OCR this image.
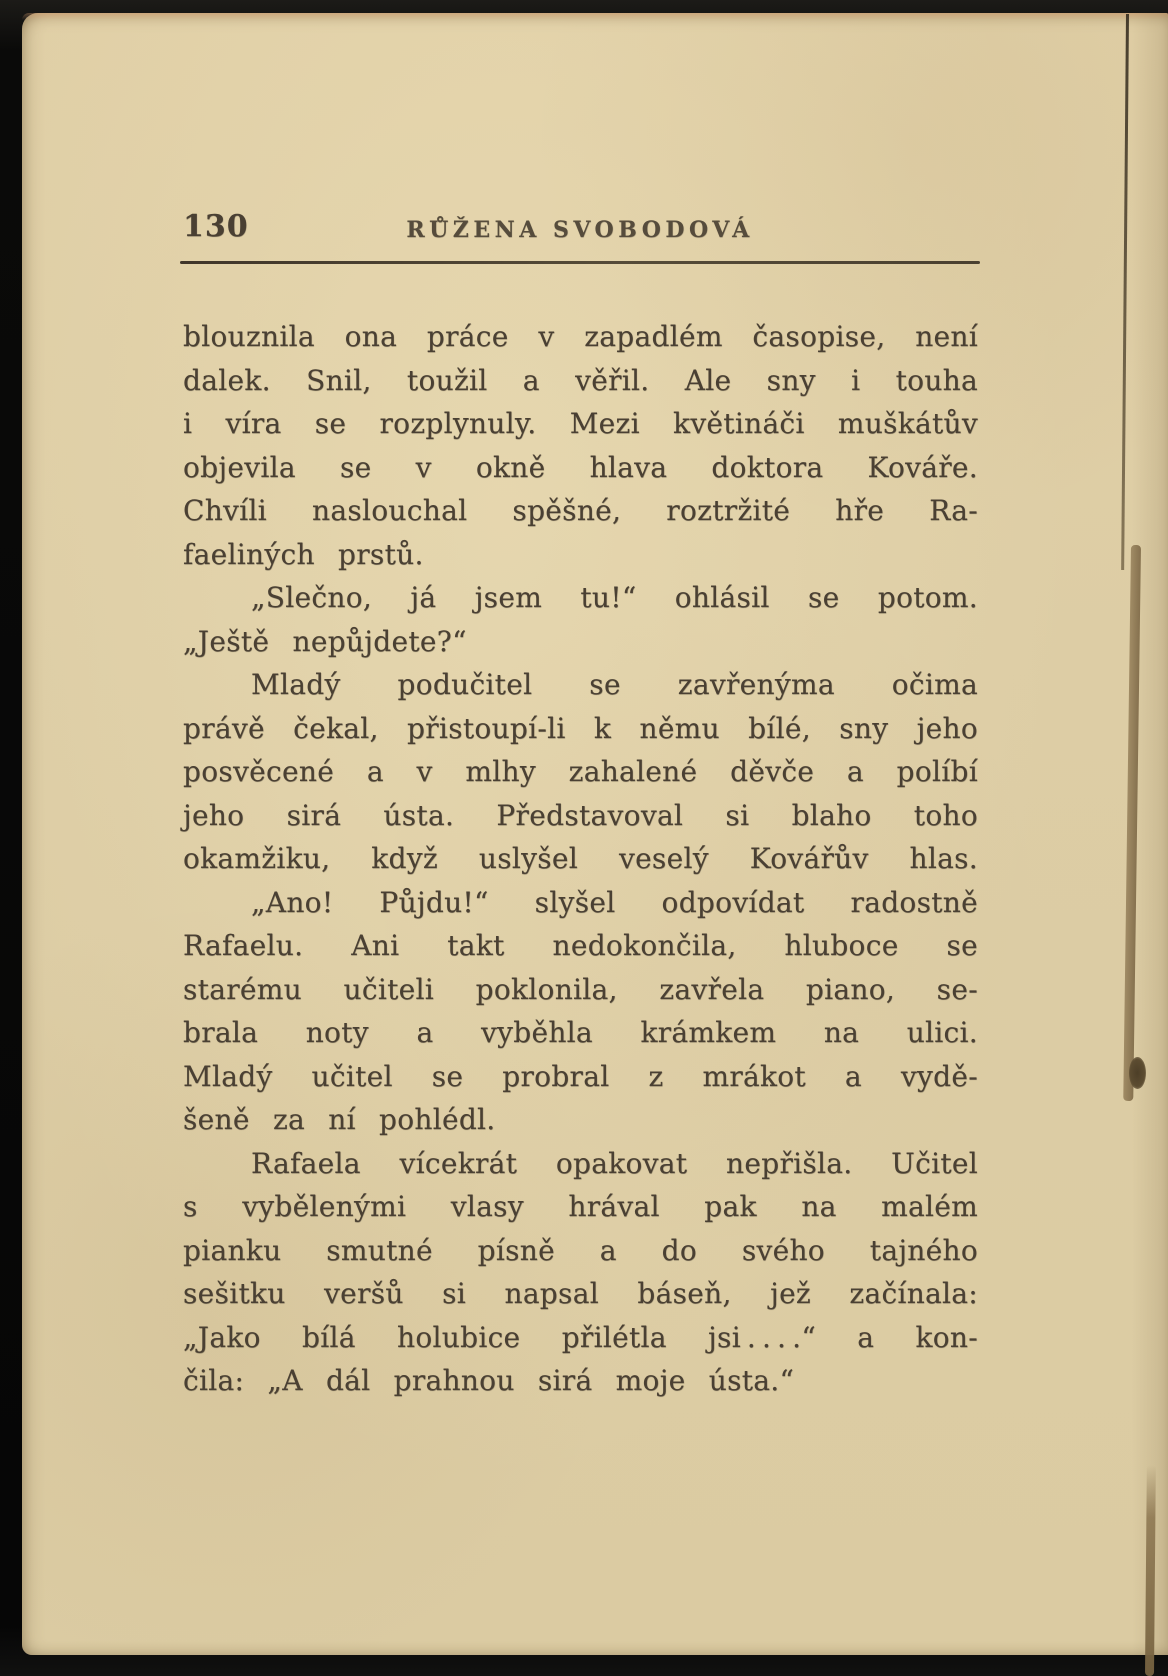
130	RŮŽENA SVOBODOVÁ
blouznila ona práce v zapadlém časopise, není
dalek. Snil, toužil a věřil. Ale sny i touha
i víra se rozplynuly. Mezi květináči muškátův
objevila se v okně hlava doktora Kováře.
Chvíli naslouchal spěšné, roztržité hře Ra-
faeliných prstů.
„Slečno, já jsem tu!“ ohlásil se potom.
„Ještě nepůjdete?“
Mladý podučitel se zavřenýma očima
právě čekal, přistoupí-li k němu bílé, sny jeho
posvěcené a v mlhy zahalené děvče a políbí
jeho sirá ústa. Představoval si blaho toho
okamžiku, když uslyšel veselý Kovářův hlas.
„Ano! Půjdu!“ slyšel odpovídat radostně
Rafaelu. Ani takt nedokončila, hluboce se
starému učiteli poklonila, zavřela piano, se-
brala noty a vyběhla krámkem na ulici.
Mladý učitel se probral z mrákot a vydě-
šeně za ní pohlédl.
Rafaela vícekrát opakovat nepřišla. Učitel
s vybělenými vlasy hrával pak na malém
pianku smutné písně a do svého tajného
sešitku veršů si napsal báseň, jež začínala:
„Jako bílá holubice přilétla jsi . . . .“ a kon-
čila: „A dál prahnou sirá moje ústa.“
